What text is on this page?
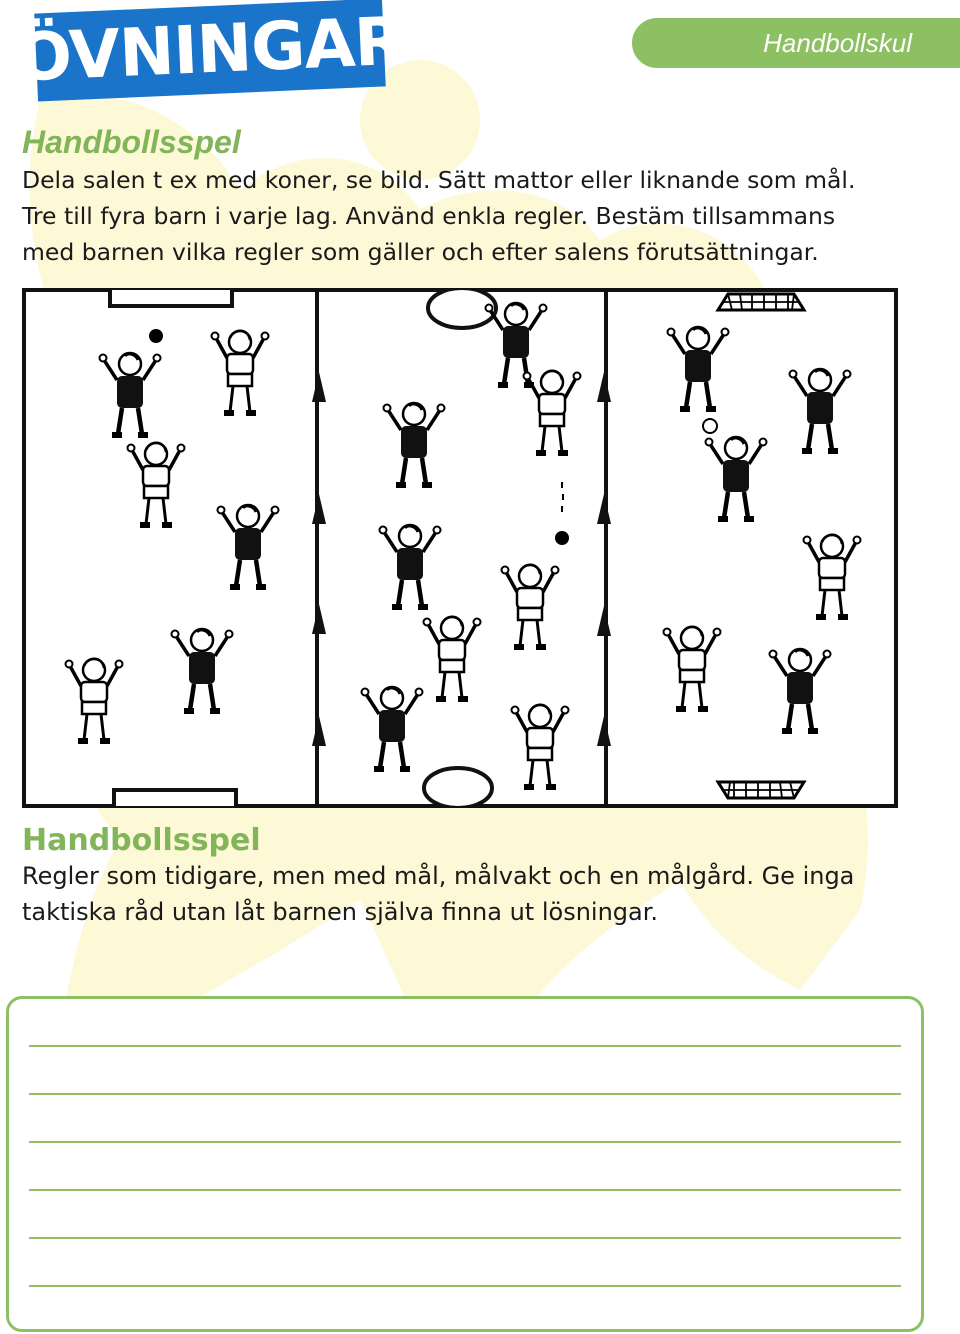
ÖVNINGAR	Handbollskul
Handbollsspel

Dela salen t ex med koner, se bild. Sätt mattor eller liknande som mål.
Tre till fyra barn i varje lag. Använd enkla regler. Bestäm tillsammans
med barnen vilka regler som gäller och efter salens förutsättningar.

Handbollsspel

Regler som tidigare, men med mål, målvakt och en målgård. Ge inga
taktiska råd utan låt barnen själva finna ut lösningar.
